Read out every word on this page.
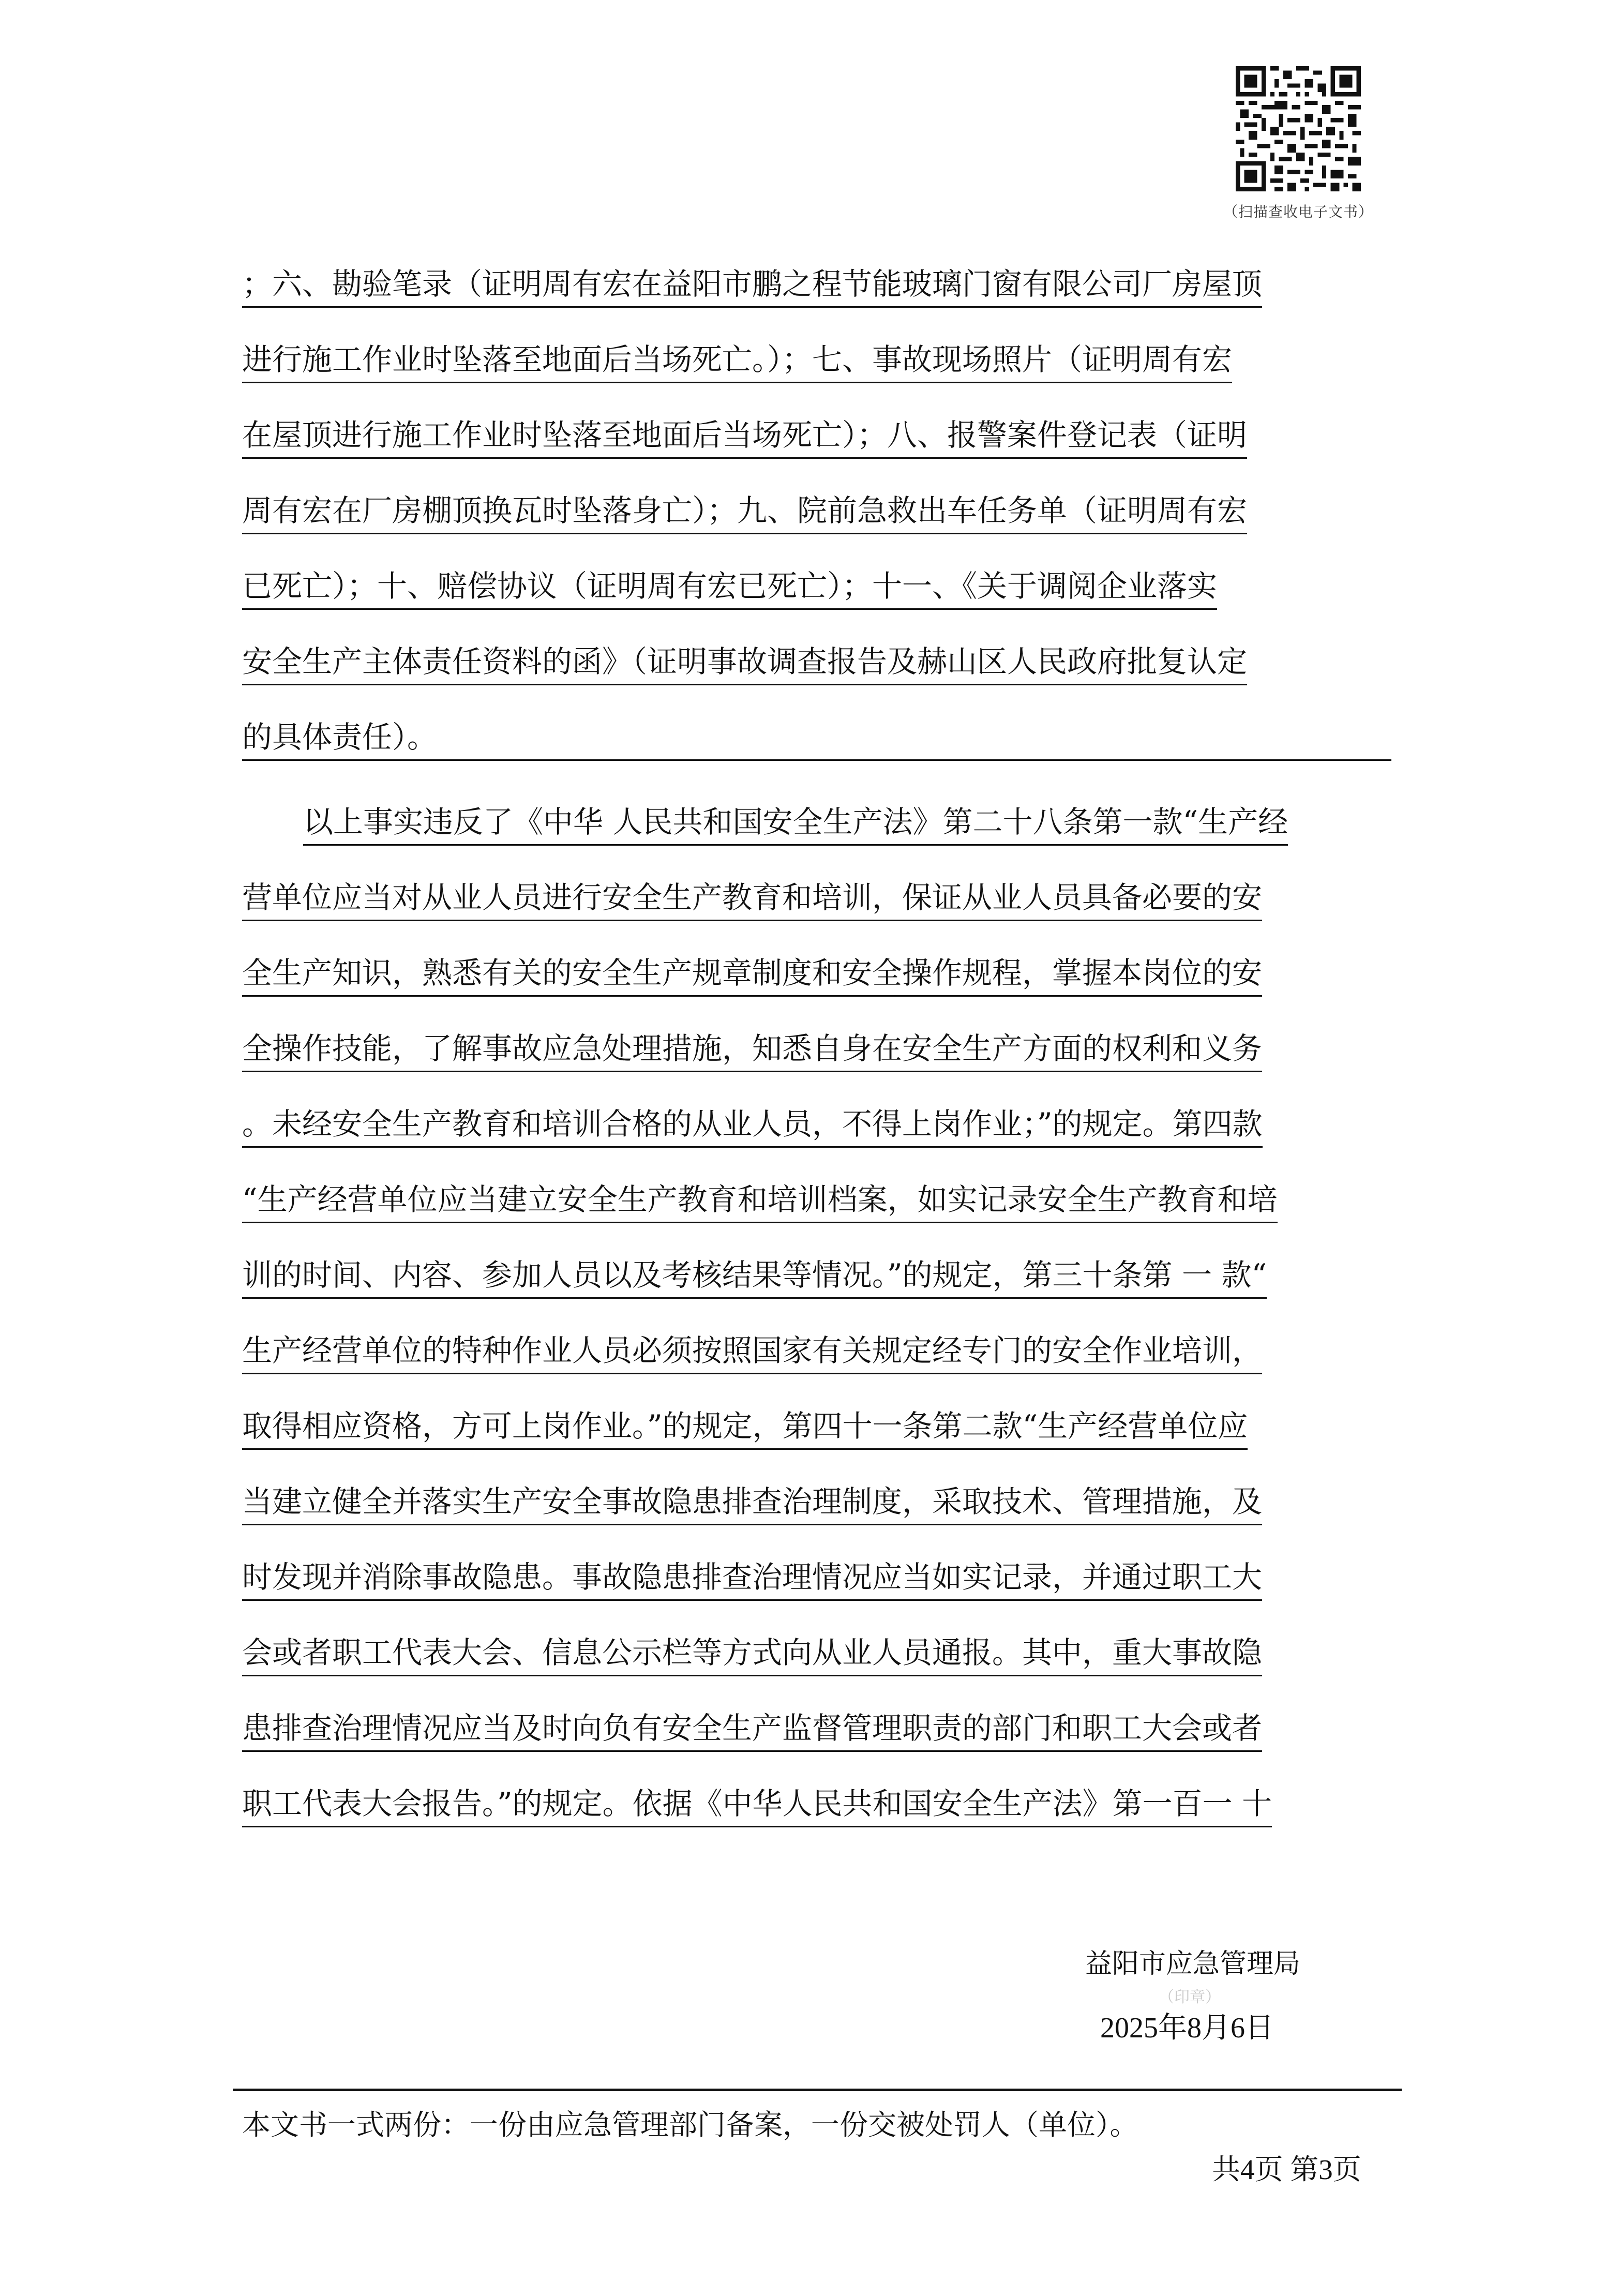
（扫描查收电子文书）
；六、勘验笔录（证明周有宏在益阳市鹏之程节能玻璃门窗有限公司厂房屋顶
进行施工作业时坠落至地面后当场死亡。）；七、事故现场照片（证明周有宏
在屋顶进行施工作业时坠落至地面后当场死亡）；八、报警案件登记表（证明
周有宏在厂房棚顶换瓦时坠落身亡）；九、院前急救出车任务单（证明周有宏
已死亡）；十、赔偿协议（证明周有宏已死亡）；十一、《关于调阅企业落实
安全生产主体责任资料的函》（证明事故调查报告及赫山区人民政府批复认定
的具体责任）。
以上事实违反了《中华 人民共和国安全生产法》第二十八条第一款“生产经
营单位应当对从业人员进行安全生产教育和培训，保证从业人员具备必要的安
全生产知识，熟悉有关的安全生产规章制度和安全操作规程，掌握本岗位的安
全操作技能，了解事故应急处理措施，知悉自身在安全生产方面的权利和义务
。未经安全生产教育和培训合格的从业人员，不得上岗作业；”的规定。第四款
“生产经营单位应当建立安全生产教育和培训档案，如实记录安全生产教育和培
训的时间、内容、参加人员以及考核结果等情况。”的规定，第三十条第 一 款“
生产经营单位的特种作业人员必须按照国家有关规定经专门的安全作业培训，
取得相应资格，方可上岗作业。”的规定，第四十一条第二款“生产经营单位应
当建立健全并落实生产安全事故隐患排查治理制度，采取技术、管理措施，及
时发现并消除事故隐患。事故隐患排查治理情况应当如实记录，并通过职工大
会或者职工代表大会、信息公示栏等方式向从业人员通报。其中，重大事故隐
患排查治理情况应当及时向负有安全生产监督管理职责的部门和职工大会或者
职工代表大会报告。”的规定。依据《中华人民共和国安全生产法》第一百一 十
益阳市应急管理局
（印章）
2025年8月6日
本文书一式两份：一份由应急管理部门备案，一份交被处罚人（单位）。
共4页 第3页
